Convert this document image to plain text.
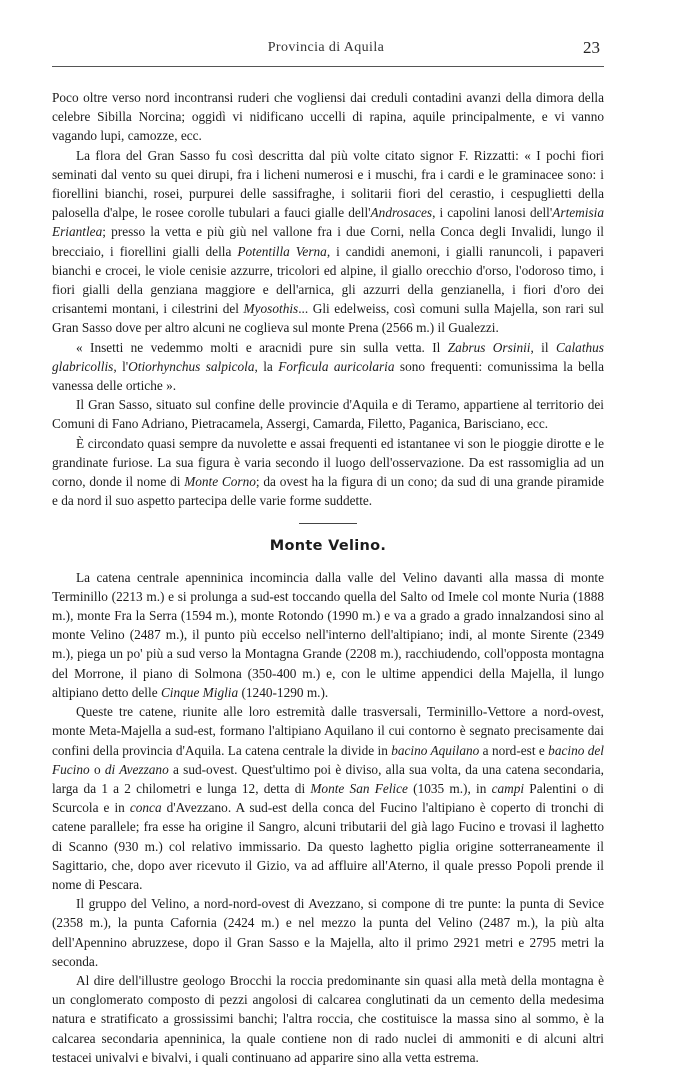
Provincia di Aquila	23

Poco oltre verso nord incontransi ruderi che vogliensi dai creduli contadini avanzi della dimora della celebre Sibilla Norcina; oggidì vi nidificano uccelli di rapina, aquile principalmente, e vi vanno vagando lupi, camozze, ecc.

La flora del Gran Sasso fu così descritta dal più volte citato signor F. Rizzatti: « I pochi fiori seminati dal vento su quei dirupi, fra i licheni numerosi e i muschi, fra i cardi e le graminacee sono: i fiorellini bianchi, rosei, purpurei delle sassifraghe, i solitarii fiori del cerastio, i cespuglietti della palosella d'alpe, le rosee corolle tubulari a fauci gialle dell'Androsaces, i capolini lanosi dell'Artemisia Eriantlea; presso la vetta e più giù nel vallone fra i due Corni, nella Conca degli Invalidi, lungo il brecciaio, i fiorellini gialli della Potentilla Verna, i candidi anemoni, i gialli ranuncoli, i papaveri bianchi e crocei, le viole cenisie azzurre, tricolori ed alpine, il giallo orecchio d'orso, l'odoroso timo, i fiori gialli della genziana maggiore e dell'arnica, gli azzurri della genzianella, i fiori d'oro dei crisantemi montani, i cilestrini del Myosothis... Gli edelweiss, così comuni sulla Majella, son rari sul Gran Sasso dove per altro alcuni ne coglieva sul monte Prena (2566 m.) il Gualezzi.

« Insetti ne vedemmo molti e aracnidi pure sin sulla vetta. Il Zabrus Orsinii, il Calathus glabricollis, l'Otiorhynchus salpicola, la Forficula auricolaria sono frequenti: comunissima la bella vanessa delle ortiche ».

Il Gran Sasso, situato sul confine delle provincie d'Aquila e di Teramo, appartiene al territorio dei Comuni di Fano Adriano, Pietracamela, Assergi, Camarda, Filetto, Paganica, Barisciano, ecc.

È circondato quasi sempre da nuvolette e assai frequenti ed istantanee vi son le pioggie dirotte e le grandinate furiose. La sua figura è varia secondo il luogo dell'osservazione. Da est rassomiglia ad un corno, donde il nome di Monte Corno; da ovest ha la figura di un cono; da sud di una grande piramide e da nord il suo aspetto partecipa delle varie forme suddette.

Monte Velino.

La catena centrale apenninica incomincia dalla valle del Velino davanti alla massa di monte Terminillo (2213 m.) e si prolunga a sud-est toccando quella del Salto od Imele col monte Nuria (1888 m.), monte Fra la Serra (1594 m.), monte Rotondo (1990 m.) e va a grado a grado innalzandosi sino al monte Velino (2487 m.), il punto più eccelso nell'interno dell'altipiano; indi, al monte Sirente (2349 m.), piega un po' più a sud verso la Montagna Grande (2208 m.), racchiudendo, coll'opposta montagna del Morrone, il piano di Solmona (350-400 m.) e, con le ultime appendici della Majella, il lungo altipiano detto delle Cinque Miglia (1240-1290 m.).

Queste tre catene, riunite alle loro estremità dalle trasversali, Terminillo-Vettore a nord-ovest, monte Meta-Majella a sud-est, formano l'altipiano Aquilano il cui contorno è segnato precisamente dai confini della provincia d'Aquila. La catena centrale la divide in bacino Aquilano a nord-est e bacino del Fucino o di Avezzano a sud-ovest. Quest'ultimo poi è diviso, alla sua volta, da una catena secondaria, larga da 1 a 2 chilometri e lunga 12, detta di Monte San Felice (1035 m.), in campi Palentini o di Scurcola e in conca d'Avezzano. A sud-est della conca del Fucino l'altipiano è coperto di tronchi di catene parallele; fra esse ha origine il Sangro, alcuni tributarii del già lago Fucino e trovasi il laghetto di Scanno (930 m.) col relativo immissario. Da questo laghetto piglia origine sotterraneamente il Sagittario, che, dopo aver ricevuto il Gizio, va ad affluire all'Aterno, il quale presso Popoli prende il nome di Pescara.

Il gruppo del Velino, a nord-nord-ovest di Avezzano, si compone di tre punte: la punta di Sevice (2358 m.), la punta Cafornia (2424 m.) e nel mezzo la punta del Velino (2487 m.), la più alta dell'Apennino abruzzese, dopo il Gran Sasso e la Majella, alto il primo 2921 metri e 2795 metri la seconda.

Al dire dell'illustre geologo Brocchi la roccia predominante sin quasi alla metà della montagna è un conglomerato composto di pezzi angolosi di calcarea conglutinati da un cemento della medesima natura e stratificato a grossissimi banchi; l'altra roccia, che costituisce la massa sino al sommo, è la calcarea secondaria apenninica, la quale contiene non di rado nuclei di ammoniti e di alcuni altri testacei univalvi e bivalvi, i quali continuano ad apparire sino alla vetta estrema.
